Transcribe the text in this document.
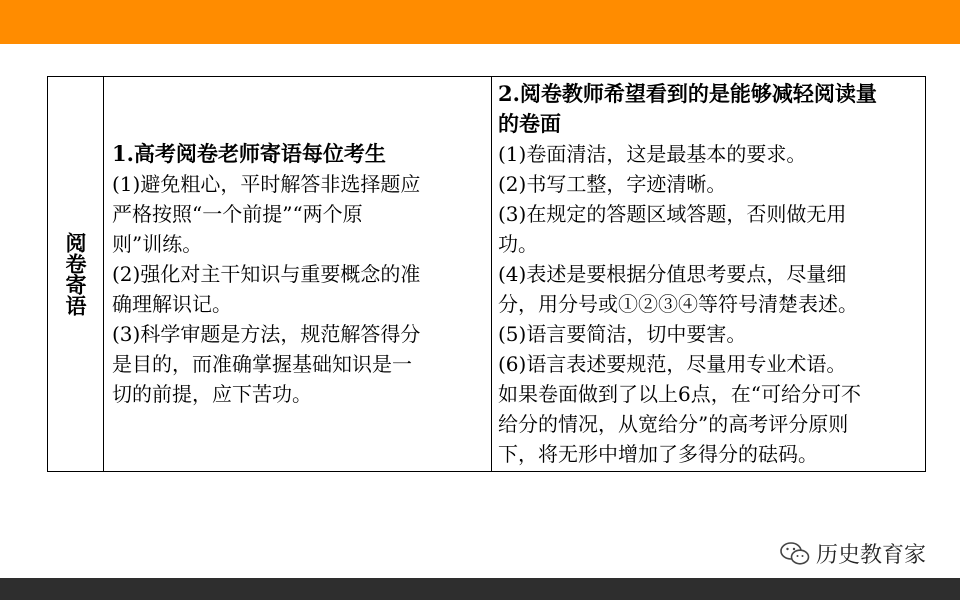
阅卷寄语

1.高考阅卷老师寄语每位考生
(1)避免粗心，平时解答非选择题应
严格按照“一个前提”“两个原
则”训练。
(2)强化对主干知识与重要概念的准
确理解识记。
(3)科学审题是方法，规范解答得分
是目的，而准确掌握基础知识是一
切的前提，应下苦功。

2.阅卷教师希望看到的是能够减轻阅读量
的卷面
(1)卷面清洁，这是最基本的要求。
(2)书写工整，字迹清晰。
(3)在规定的答题区域答题，否则做无用
功。
(4)表述是要根据分值思考要点，尽量细
分，用分号或①②③④等符号清楚表述。
(5)语言要简洁，切中要害。
(6)语言表述要规范，尽量用专业术语。
如果卷面做到了以上6点，在“可给分可不
给分的情况，从宽给分”的高考评分原则
下，将无形中增加了多得分的砝码。
历史教育家
